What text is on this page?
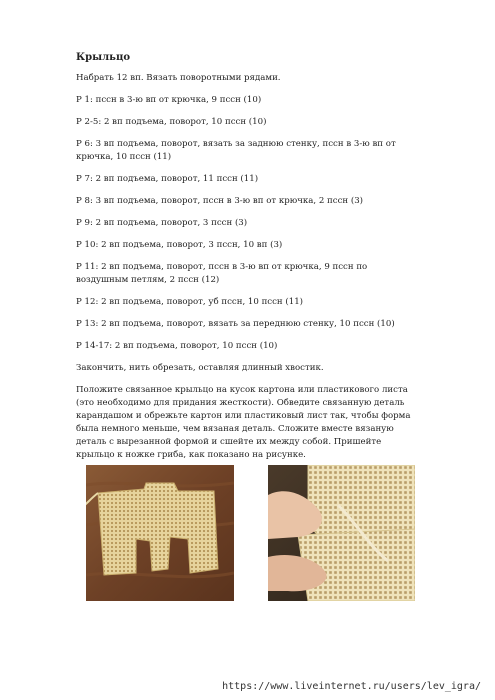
Крыльцо
Набрать 12 вп. Вязать поворотными рядами.
Р 1: пссн в 3-ю вп от крючка, 9 пссн (10)
Р 2-5: 2 вп подъема, поворот, 10 пссн (10)
Р 6: 3 вп подъема, поворот, вязать за заднюю стенку, пссн в 3-ю вп от крючка, 10 пссн (11)
Р 7: 2 вп подъема, поворот, 11 пссн (11)
Р 8: 3 вп подъема, поворот, пссн в 3-ю вп от крючка, 2 пссн (3)
Р 9: 2 вп подъема, поворот, 3 пссн (3)
Р 10: 2 вп подъема, поворот, 3 пссн, 10 вп (3)
Р 11: 2 вп подъема, поворот, пссн в 3-ю вп от крючка, 9 пссн по воздушным петлям, 2 пссн (12)
Р 12: 2 вп подъема, поворот, уб пссн, 10 пссн (11)
Р 13: 2 вп подъема, поворот, вязать за переднюю стенку, 10 пссн (10)
Р 14-17: 2 вп подъема, поворот, 10 пссн (10)
Закончить, нить обрезать, оставляя длинный хвостик.
Положите связанное крыльцо на кусок картона или пластикового листа (это необходимо для придания жесткости). Обведите связанную деталь карандашом и обрежьте картон или пластиковый лист так, чтобы форма была немного меньше, чем вязаная деталь. Сложите вместе вязаную деталь с вырезанной формой и сшейте их между собой. Пришейте крыльцо к ножке гриба, как показано на рисунке.
https://www.liveinternet.ru/users/lev_igra/
